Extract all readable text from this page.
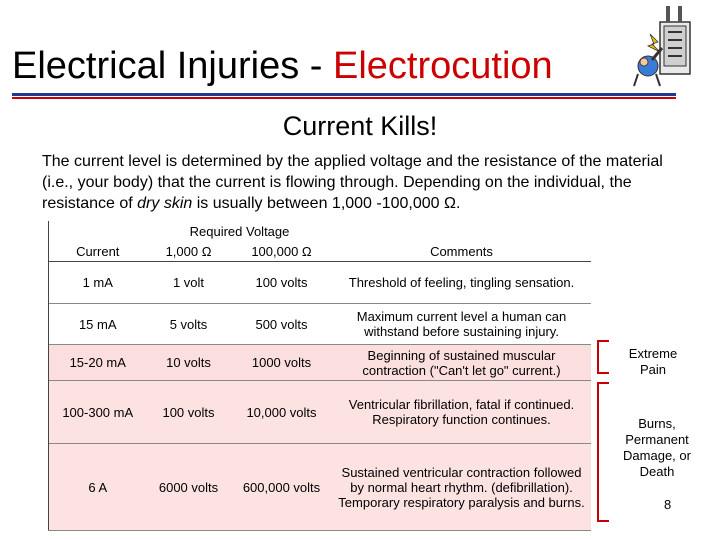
Electrical Injuries - Electrocution
Current Kills!
The current level is determined by the applied voltage and the resistance of the material (i.e., your body) that the current is flowing through. Depending on the individual, the resistance of dry skin is usually between 1,000 -100,000 Ω.
	Required Voltage		
Current	1,000 Ω	100,000 Ω	Comments
1 mA	1 volt	100 volts	Threshold of feeling, tingling sensation.
15 mA	5 volts	500 volts	Maximum current level a human can withstand before sustaining injury.
15-20 mA	10 volts	1000 volts	Beginning of sustained muscular contraction ("Can't let go" current.)
100-300 mA	100 volts	10,000 volts	Ventricular fibrillation, fatal if continued. Respiratory function continues.
6 A	6000 volts	600,000 volts	Sustained ventricular contraction followed by normal heart rhythm. (defibrillation). Temporary respiratory paralysis and burns.
Extreme Pain
Burns, Permanent Damage, or Death
8
